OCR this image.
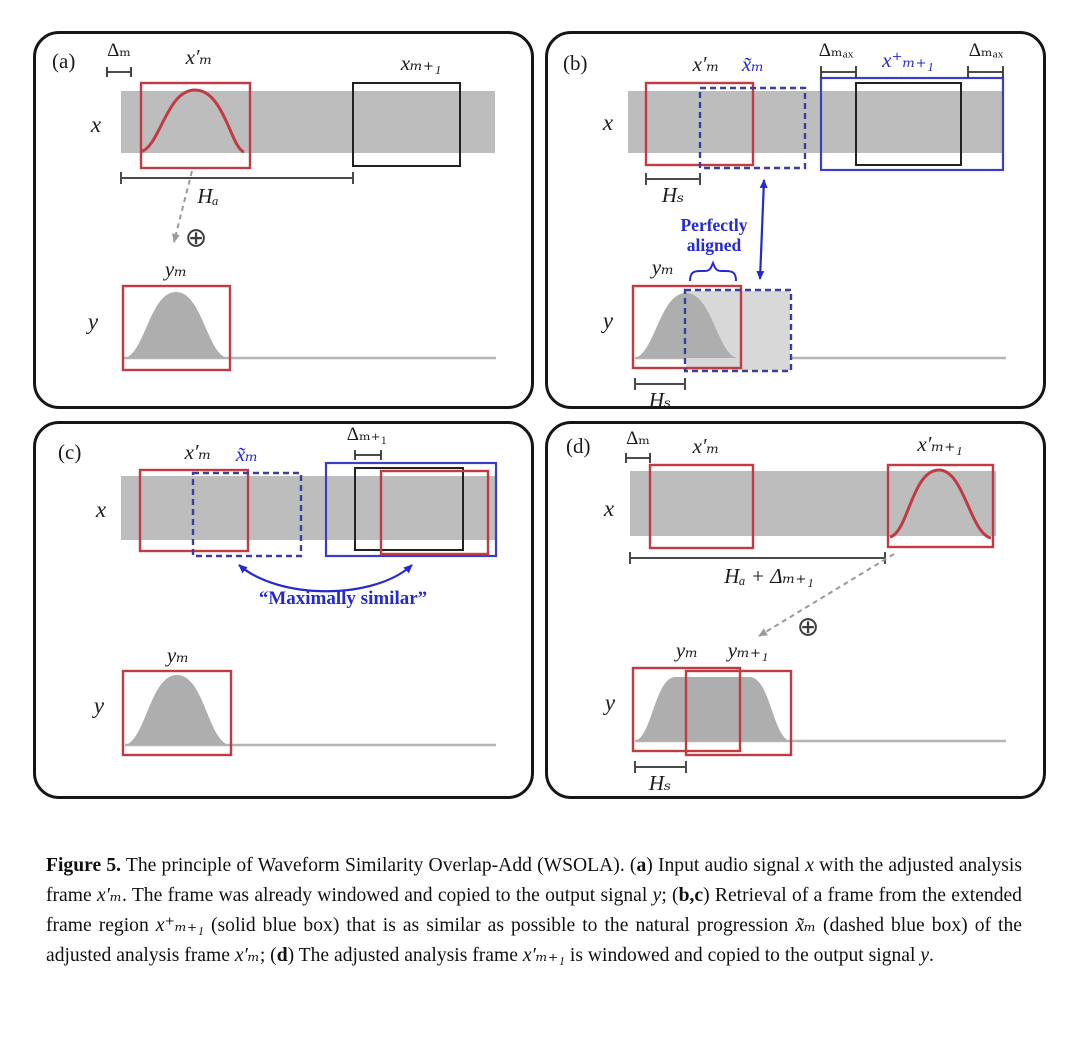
(a) Δₘ	x′ₘ	xₘ₊₁
x
Hₐ
⊕
yₘ
y
(b)	x′ₘ x̃ₘ
Δₘₐₓ x⁺ₘ₊₁ Δₘₐₓ
x
Hₛ
Perfectly
aligned
yₘ
y
Hₛ
(c)	x′ₘ x̃ₘ
Δₘ₊₁
x
“Maximally similar”
yₘ
y
(d) Δₘ x′ₘ	x′ₘ₊₁
x
Hₐ + Δₘ₊₁
⊕
yₘ yₘ₊₁
y
Hₛ

Figure 5. The principle of Waveform Similarity Overlap-Add (WSOLA). (a) Input audio signal x with the adjusted analysis frame x′ₘ. The frame was already windowed and copied to the output signal y; (b,c) Retrieval of a frame from the extended frame region x⁺ₘ₊₁ (solid blue box) that is as similar as possible to the natural progression x̃ₘ (dashed blue box) of the adjusted analysis frame x′ₘ; (d) The adjusted analysis frame x′ₘ₊₁ is windowed and copied to the output signal y.
